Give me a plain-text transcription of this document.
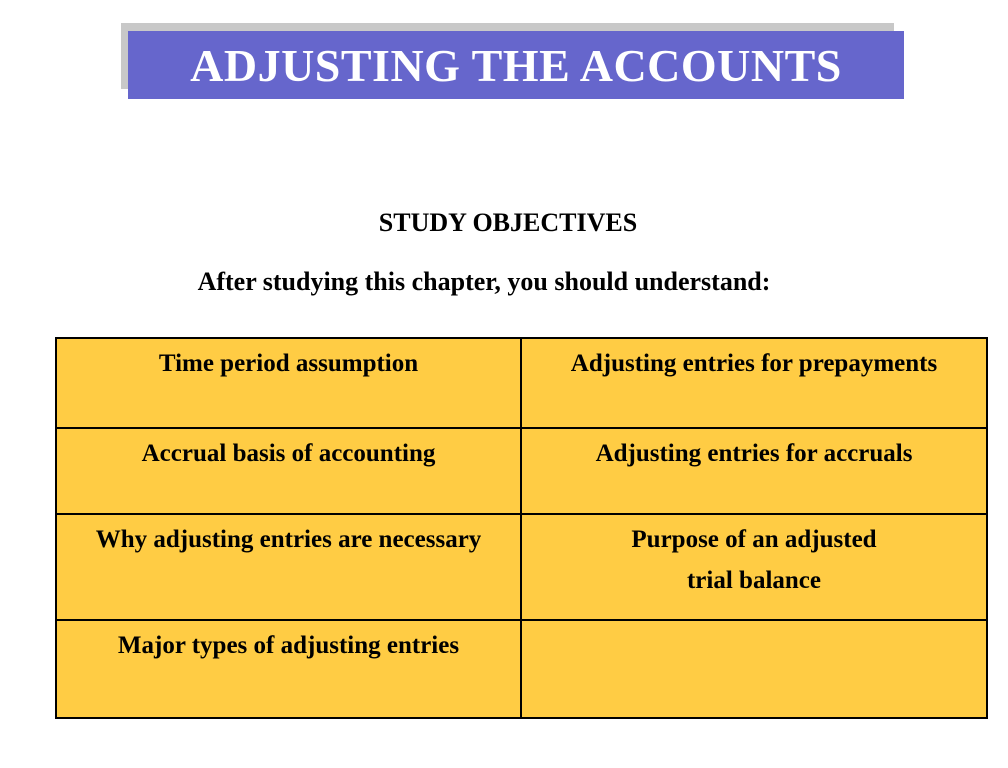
ADJUSTING THE ACCOUNTS
STUDY OBJECTIVES
After studying this chapter, you should understand:
Time period assumption	Adjusting entries for prepayments
Accrual basis of accounting	Adjusting entries for accruals
Why adjusting entries are necessary	Purpose of an adjusted
trial balance

Major types of adjusting entries	
